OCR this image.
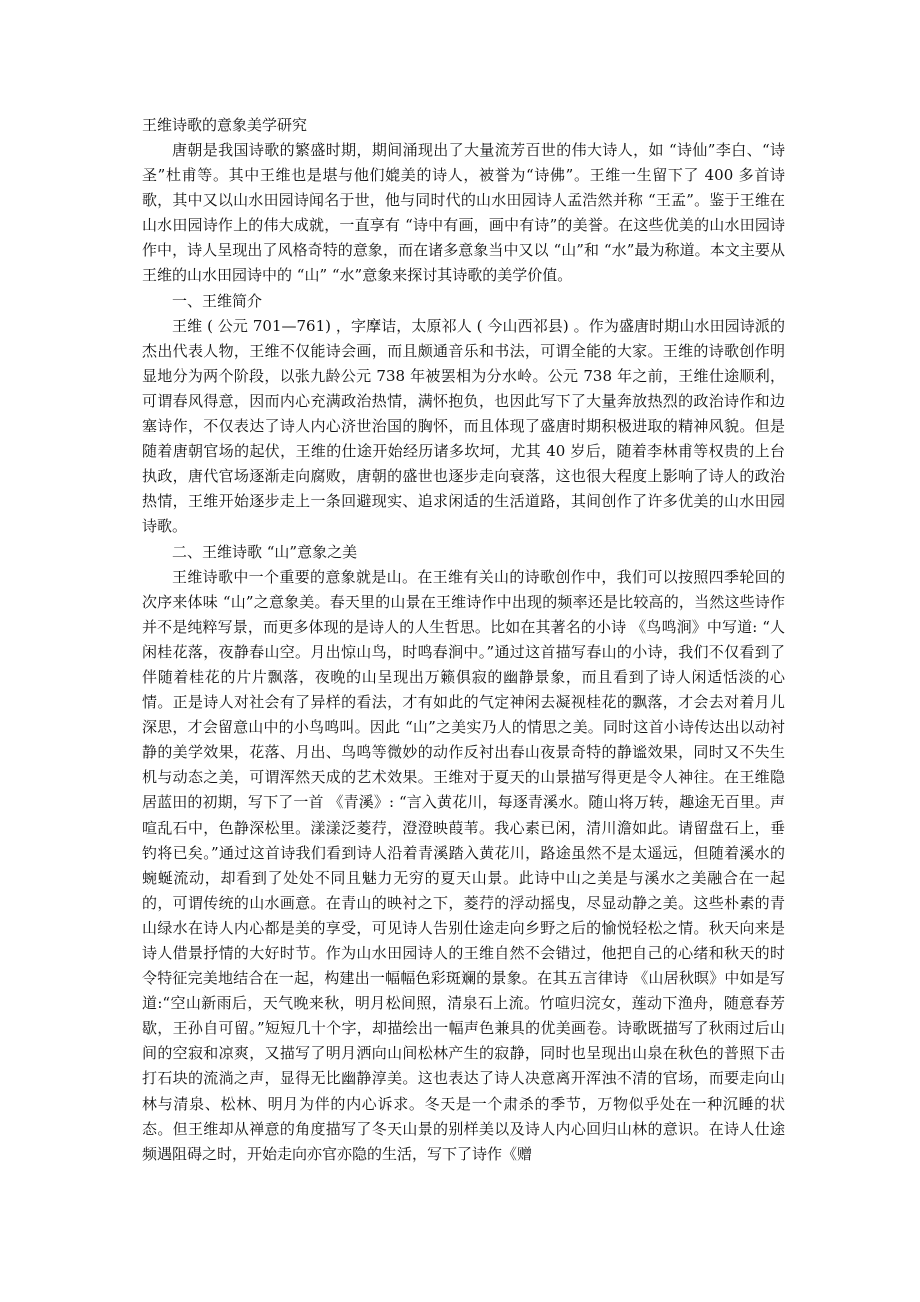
王维诗歌的意象美学研究

唐朝是我国诗歌的繁盛时期，期间涌现出了大量流芳百世的伟大诗人，如 “诗仙”李白、“诗圣”杜甫等。其中王维也是堪与他们媲美的诗人，被誉为“诗佛”。王维一生留下了 400 多首诗歌，其中又以山水田园诗闻名于世，他与同时代的山水田园诗人孟浩然并称 “王孟”。鉴于王维在山水田园诗作上的伟大成就，一直享有 “诗中有画，画中有诗”的美誉。在这些优美的山水田园诗作中，诗人呈现出了风格奇特的意象，而在诸多意象当中又以 “山”和 “水”最为称道。本文主要从王维的山水田园诗中的 “山” “水”意象来探讨其诗歌的美学价值。

一、王维简介

王维 ( 公元 701—761) ，字摩诘，太原祁人 ( 今山西祁县) 。作为盛唐时期山水田园诗派的杰出代表人物，王维不仅能诗会画，而且颇通音乐和书法，可谓全能的大家。王维的诗歌创作明显地分为两个阶段，以张九龄公元 738 年被罢相为分水岭。公元 738 年之前，王维仕途顺利，可谓春风得意，因而内心充满政治热情，满怀抱负，也因此写下了大量奔放热烈的政治诗作和边塞诗作，不仅表达了诗人内心济世治国的胸怀，而且体现了盛唐时期积极进取的精神风貌。但是随着唐朝官场的起伏，王维的仕途开始经历诸多坎坷，尤其 40 岁后，随着李林甫等权贵的上台执政，唐代官场逐渐走向腐败，唐朝的盛世也逐步走向衰落，这也很大程度上影响了诗人的政治热情，王维开始逐步走上一条回避现实、追求闲适的生活道路，其间创作了许多优美的山水田园诗歌。

二、王维诗歌 “山”意象之美

王维诗歌中一个重要的意象就是山。在王维有关山的诗歌创作中，我们可以按照四季轮回的次序来体味 “山”之意象美。春天里的山景在王维诗作中出现的频率还是比较高的，当然这些诗作并不是纯粹写景，而更多体现的是诗人的人生哲思。比如在其著名的小诗 《鸟鸣涧》中写道: “人闲桂花落，夜静春山空。月出惊山鸟，时鸣春涧中。”通过这首描写春山的小诗，我们不仅看到了伴随着桂花的片片飘落，夜晚的山呈现出万籁俱寂的幽静景象，而且看到了诗人闲适恬淡的心情。正是诗人对社会有了异样的看法，才有如此的气定神闲去凝视桂花的飘落，才会去对着月儿深思，才会留意山中的小鸟鸣叫。因此 “山”之美实乃人的情思之美。同时这首小诗传达出以动衬静的美学效果，花落、月出、鸟鸣等微妙的动作反衬出春山夜景奇特的静谧效果，同时又不失生机与动态之美，可谓浑然天成的艺术效果。王维对于夏天的山景描写得更是令人神往。在王维隐居蓝田的初期，写下了一首 《青溪》: “言入黄花川，每逐青溪水。随山将万转，趣途无百里。声喧乱石中，色静深松里。漾漾泛菱荇，澄澄映葭苇。我心素已闲，清川澹如此。请留盘石上，垂钓将已矣。”通过这首诗我们看到诗人沿着青溪踏入黄花川，路途虽然不是太遥远，但随着溪水的蜿蜒流动，却看到了处处不同且魅力无穷的夏天山景。此诗中山之美是与溪水之美融合在一起的，可谓传统的山水画意。在青山的映衬之下，菱荇的浮动摇曳，尽显动静之美。这些朴素的青山绿水在诗人内心都是美的享受，可见诗人告别仕途走向乡野之后的愉悦轻松之情。秋天向来是诗人借景抒情的大好时节。作为山水田园诗人的王维自然不会错过，他把自己的心绪和秋天的时令特征完美地结合在一起，构建出一幅幅色彩斑斓的景象。在其五言律诗 《山居秋暝》中如是写道:“空山新雨后，天气晚来秋，明月松间照，清泉石上流。竹喧归浣女，莲动下渔舟，随意春芳歇，王孙自可留。”短短几十个字，却描绘出一幅声色兼具的优美画卷。诗歌既描写了秋雨过后山间的空寂和凉爽，又描写了明月洒向山间松林产生的寂静，同时也呈现出山泉在秋色的普照下击打石块的流淌之声，显得无比幽静淳美。这也表达了诗人决意离开浑浊不清的官场，而要走向山林与清泉、松林、明月为伴的内心诉求。冬天是一个肃杀的季节，万物似乎处在一种沉睡的状态。但王维却从禅意的角度描写了冬天山景的别样美以及诗人内心回归山林的意识。在诗人仕途频遇阻碍之时，开始走向亦官亦隐的生活，写下了诗作《赠
